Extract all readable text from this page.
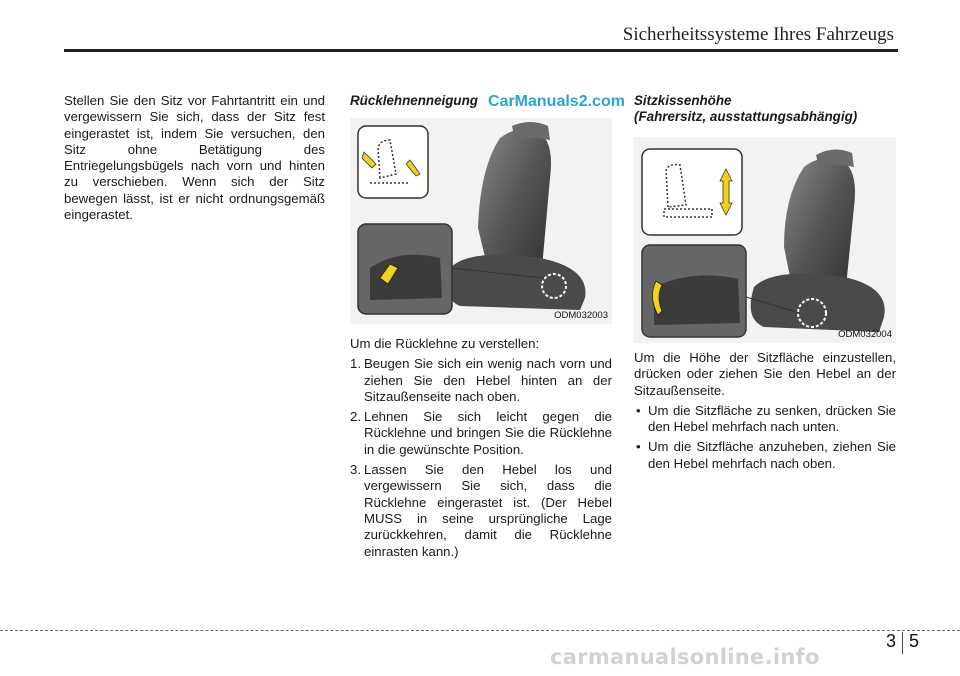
Sicherheitssysteme Ihres Fahrzeugs

Stellen Sie den Sitz vor Fahrtantritt ein und vergewissern Sie sich, dass der Sitz fest eingerastet ist, indem Sie versuchen, den Sitz ohne Betätigung des Entriegelungsbügels nach vorn und hinten zu verschieben. Wenn sich der Sitz bewegen lässt, ist er nicht ordnungsgemäß eingerastet.

Rücklehnenneigung CarManuals2.com
ODM032003

Um die Rücklehne zu verstellen:

1. Beugen Sie sich ein wenig nach vorn und ziehen Sie den Hebel hinten an der Sitzaußenseite nach oben.
2. Lehnen Sie sich leicht gegen die Rücklehne und bringen Sie die Rücklehne in die gewünschte Position.
3. Lassen Sie den Hebel los und vergewissern Sie sich, dass die Rücklehne eingerastet ist. (Der Hebel MUSS in seine ursprüngliche Lage zurückkehren, damit die Rücklehne einrasten kann.)
Sitzkissenhöhe
(Fahrersitz, ausstattungsabhängig)
ODM032004

Um die Höhe der Sitzfläche einzustellen, drücken oder ziehen Sie den Hebel an der Sitzaußenseite.

• Um die Sitzfläche zu senken, drücken Sie den Hebel mehrfach nach unten.
• Um die Sitzfläche anzuheben, ziehen Sie den Hebel mehrfach nach oben.
3 5
carmanualsonline.info
